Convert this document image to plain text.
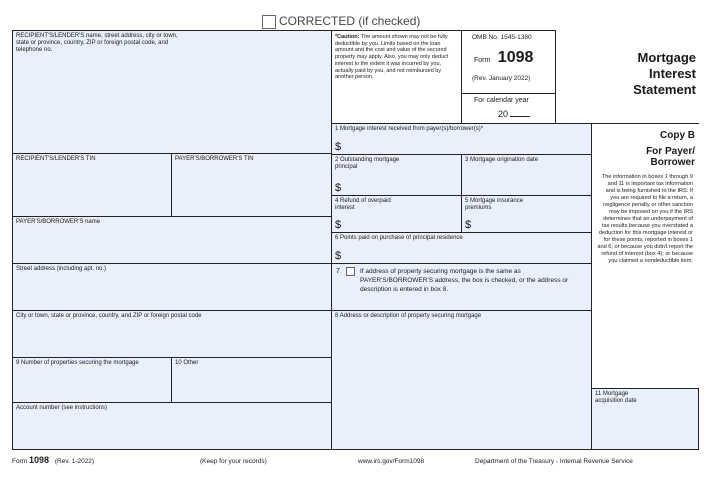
CORRECTED (if checked)
RECIPIENT'S/LENDER'S name, street address, city or town, state or province, country, ZIP or foreign postal code, and telephone no.
RECIPIENT'S/LENDER'S TIN	PAYER'S/BORROWER'S TIN
PAYER'S/BORROWER'S name
Street address (including apt. no.)
City or town, state or province, country, and ZIP or foreign postal code
9 Number of properties securing the mortgage	10 Other
Account number (see instructions)
*Caution: The amount shown may not be fully deductible by you. Limits based on the loan amount and the cost and value of the secured property may apply. Also, you may only deduct interest to the extent it was incurred by you, actually paid by you, and not reimbursed by another person.
OMB No. 1545-1380
Form 1098
(Rev. January 2022)
For calendar year
20
1 Mortgage interest received from payer(s)/borrower(s)*
$
2 Outstanding mortgage principal
$
3 Mortgage origination date
4 Refund of overpaid interest
$
5 Mortgage insurance premiums
$
6 Points paid on purchase of principal residence
$
7	If address of property securing mortgage is the same as PAYER'S/BORROWER'S address, the box is checked, or the address or description is entered in box 8.
8 Address or description of property securing mortgage
Mortgage
Interest
Statement
Copy B
For Payer/
Borrower
The information in boxes 1 through 9 and 11 is important tax information and is being furnished to the IRS. If you are required to file a return, a negligence penalty or other sanction may be imposed on you if the IRS determines that an underpayment of tax results because you overstated a deduction for this mortgage interest or for these points, reported in boxes 1 and 6; or because you didn't report the refund of interest (box 4); or because you claimed a nondeductible item.
11 Mortgage acquisition date
Form 1098 (Rev. 1-2022)	(Keep for your records)	www.irs.gov/Form1098	Department of the Treasury - Internal Revenue Service
